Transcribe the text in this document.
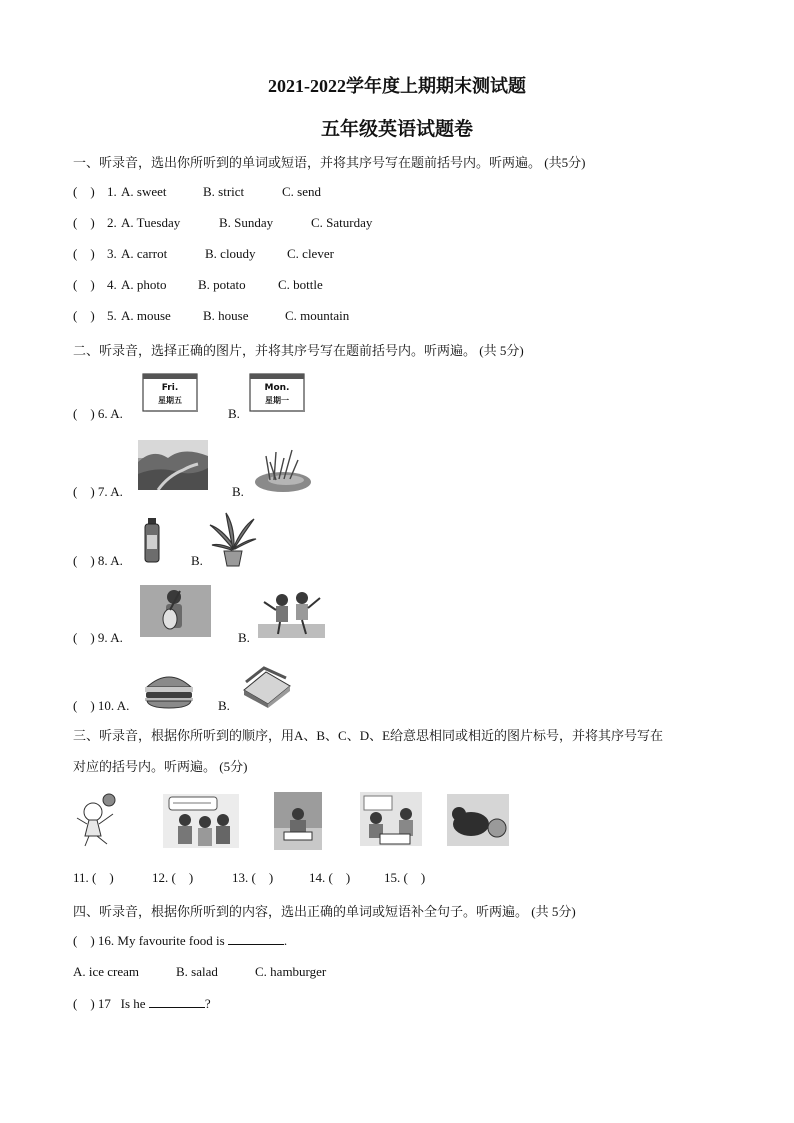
2021-2022学年度上期期末测试题
五年级英语试题卷
一、听录音，选出你所听到的单词或短语，并将其序号写在题前括号内。听两遍。 (共5分)
(    ) 1. A. sweet	B. strict	C. send
(    ) 2. A. Tuesday	B. Sunday	C. Saturday
(    ) 3. A. carrot	B. cloudy C. clever
(    ) 4. A. photo B. potato C. bottle
(    ) 5. A. mouse B. house	C. mountain
二、听录音，选择正确的图片，并将其序号写在题前括号内。听两遍。 (共 5分)
(    ) 6. A.
Fri.
星期五
B.
Mon.
星期一
(    ) 7. A.	B.
(    ) 8. A.	B.
(    ) 9. A.	B.
(    ) 10. A.	B.
三、听录音，根据你所听到的顺序，用A、B、C、D、E给意思相同或相近的图片标号，并将其序号写在
对应的括号内。听两遍。 (5分)
11. (    )	12. (    )	13. (    )	14. (    )	15. (    )
四、听录音，根据你所听到的内容，选出正确的单词或短语补全句子。听两遍。 (共 5分)
(    ) 16. My favourite food is	.
A. ice cream	B. salad	C. hamburger
(    ) 17   Is he	?
